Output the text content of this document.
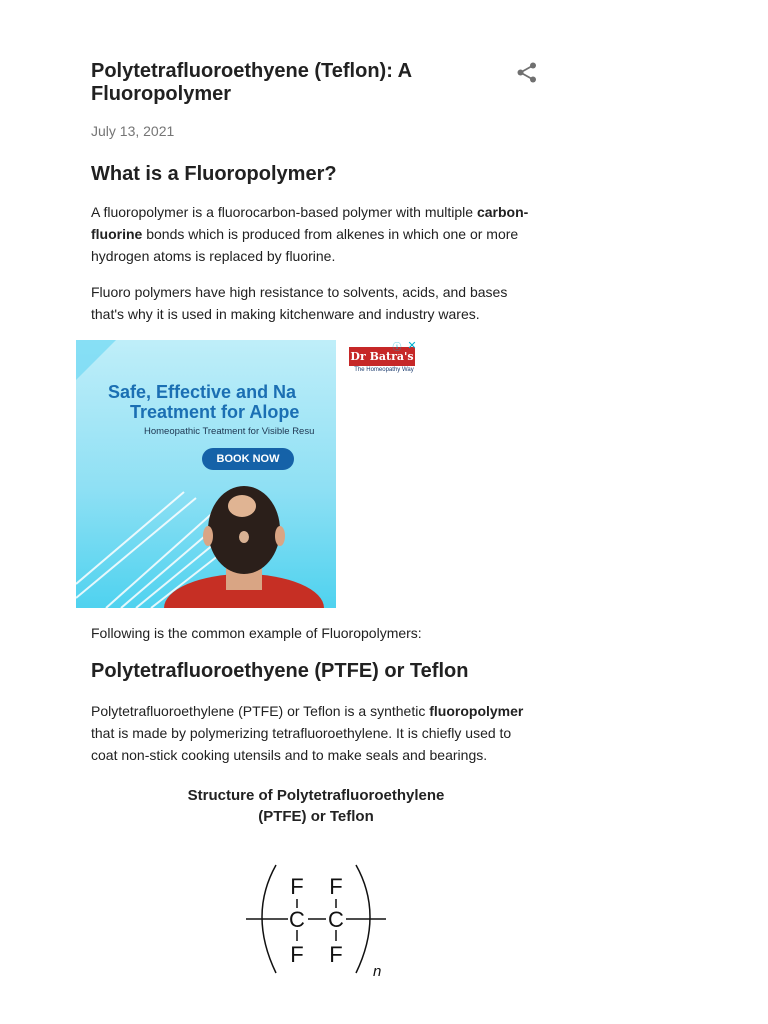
Polytetrafluoroethyene (Teflon): A Fluoropolymer
July 13, 2021
What is a Fluoropolymer?

A fluoropolymer is a fluorocarbon-based polymer with multiple carbon-fluorine bonds which is produced from alkenes in which one or more hydrogen atoms is replaced by fluorine.

Fluoro polymers have high resistance to solvents, acids, and bases that's why it is used in making kitchenware and industry wares.

Safe, Effective and Na
Treatment for Alope
Homeopathic Treatment for Visible Resu
BOOK NOW
Dr Batra's
The Homeopathy Way
ⓘ ✕

Following is the common example of Fluoropolymers:

Polytetrafluoroethyene (PTFE) or Teflon

Polytetrafluoroethylene (PTFE) or Teflon is a synthetic fluoropolymer that is made by polymerizing tetrafluoroethylene. It is chiefly used to coat non-stick cooking utensils and to make seals and bearings.

Structure of Polytetrafluoroethylene
(PTFE) or Teflon
F F
C C
F F
n
